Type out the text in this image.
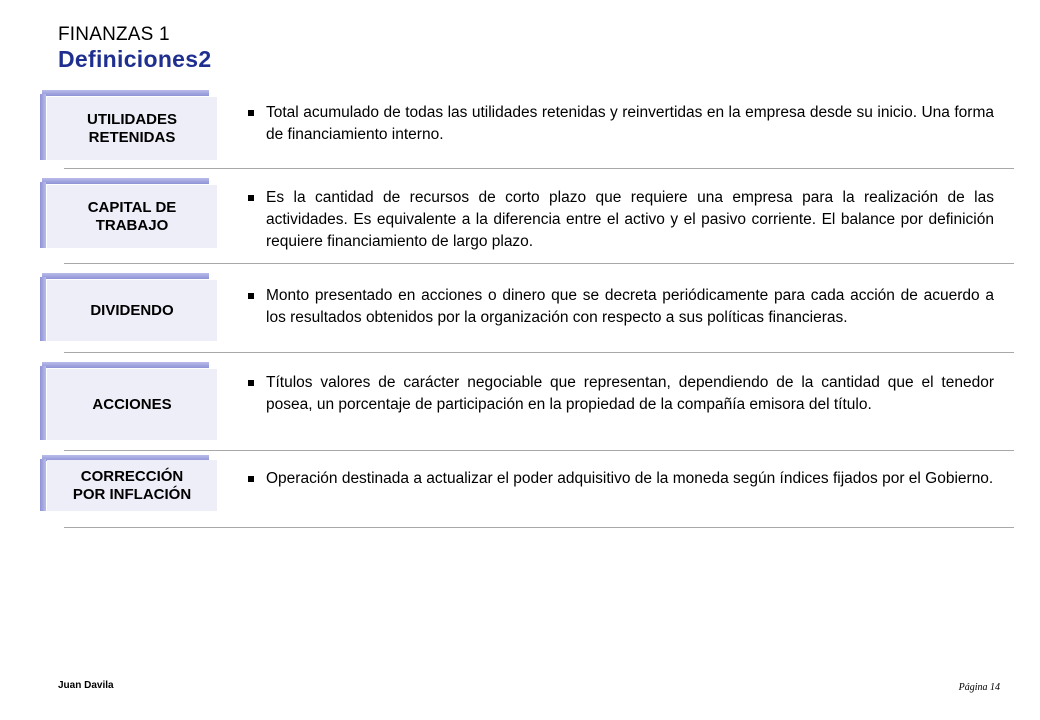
FINANZAS 1
Definiciones2
UTILIDADES
RETENIDAS
Total acumulado de todas las utilidades retenidas y reinvertidas en la empresa desde su inicio. Una forma de financiamiento interno.
CAPITAL DE
TRABAJO
Es la cantidad de recursos de corto plazo que requiere una empresa para la realización de las actividades. Es equivalente a la diferencia entre el activo y el pasivo corriente. El balance por definición requiere financiamiento de largo plazo.
DIVIDENDO
Monto presentado en acciones o dinero que se decreta periódicamente para cada acción de acuerdo a los resultados obtenidos por la organización con respecto a sus políticas financieras.
ACCIONES
Títulos valores de carácter negociable que representan, dependiendo de la cantidad que el tenedor posea, un porcentaje de participación en la propiedad de la compañía emisora del título.
CORRECCIÓN
POR INFLACIÓN
Operación destinada a actualizar el poder adquisitivo de la moneda según índices fijados por el Gobierno.
Juan Davila	Página 14
